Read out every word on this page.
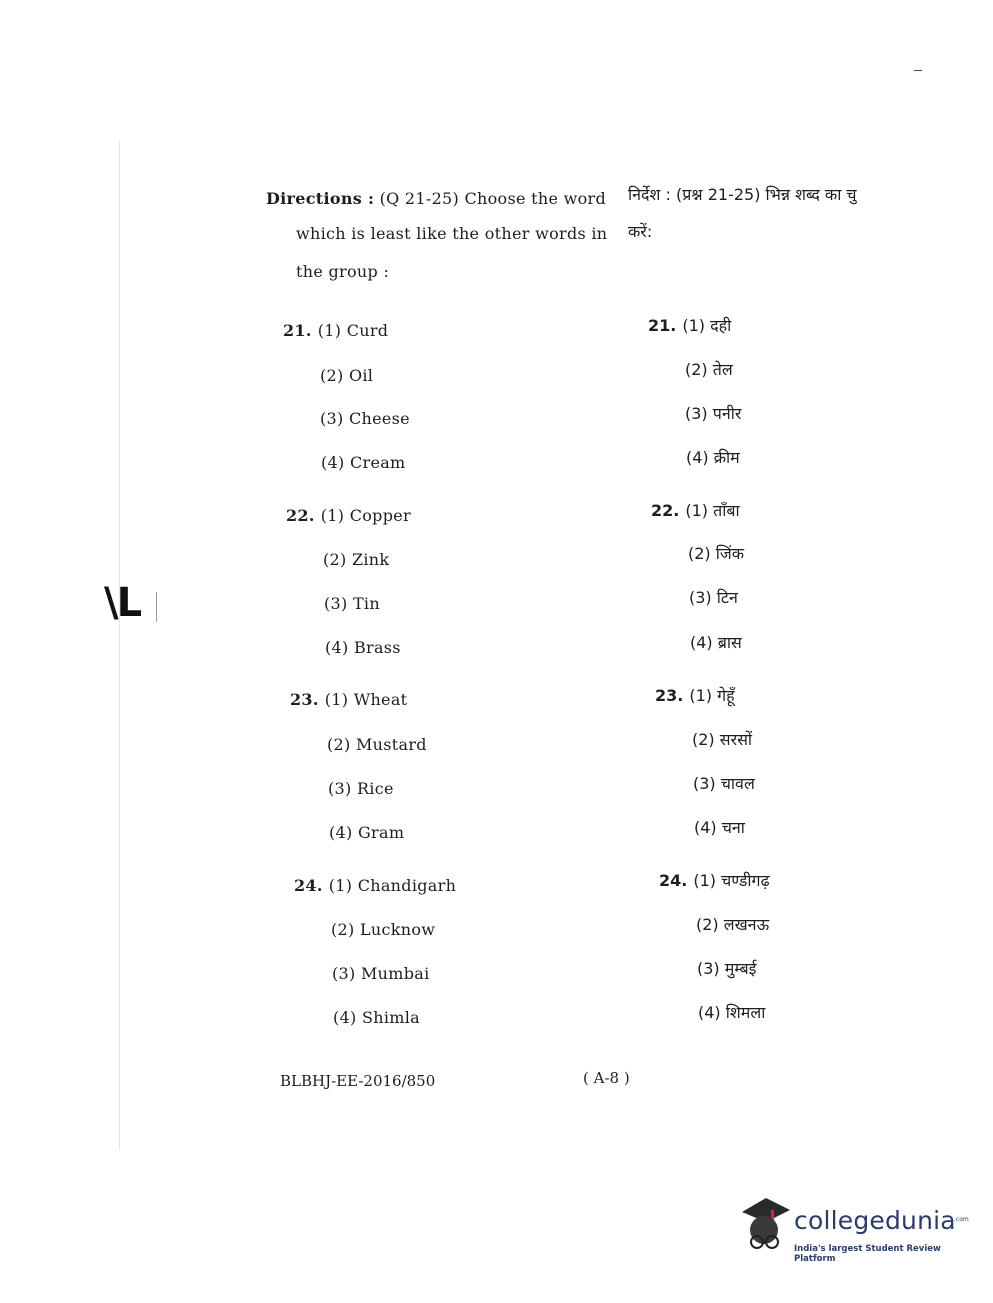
\L
Directions : (Q 21-25) Choose the word
which is least like the other words in
the group :
निर्देश : (प्रश्न 21-25) भिन्न शब्द का चु
करें:
21. (1) Curd
(2) Oil
(3) Cheese
(4) Cream
21. (1) दही
(2) तेल
(3) पनीर
(4) क्रीम
22. (1) Copper
(2) Zink
(3) Tin
(4) Brass
22. (1) ताँबा
(2) जिंक
(3) टिन
(4) ब्रास
23. (1) Wheat
(2) Mustard
(3) Rice
(4) Gram
23. (1) गेहूँ
(2) सरसों
(3) चावल
(4) चना
24. (1) Chandigarh
(2) Lucknow
(3) Mumbai
(4) Shimla
24. (1) चण्डीगढ़
(2) लखनऊ
(3) मुम्बई
(4) शिमला
BLBHJ-EE-2016/850	( A-8 )
collegedunia
.com
India's largest Student Review Platform
